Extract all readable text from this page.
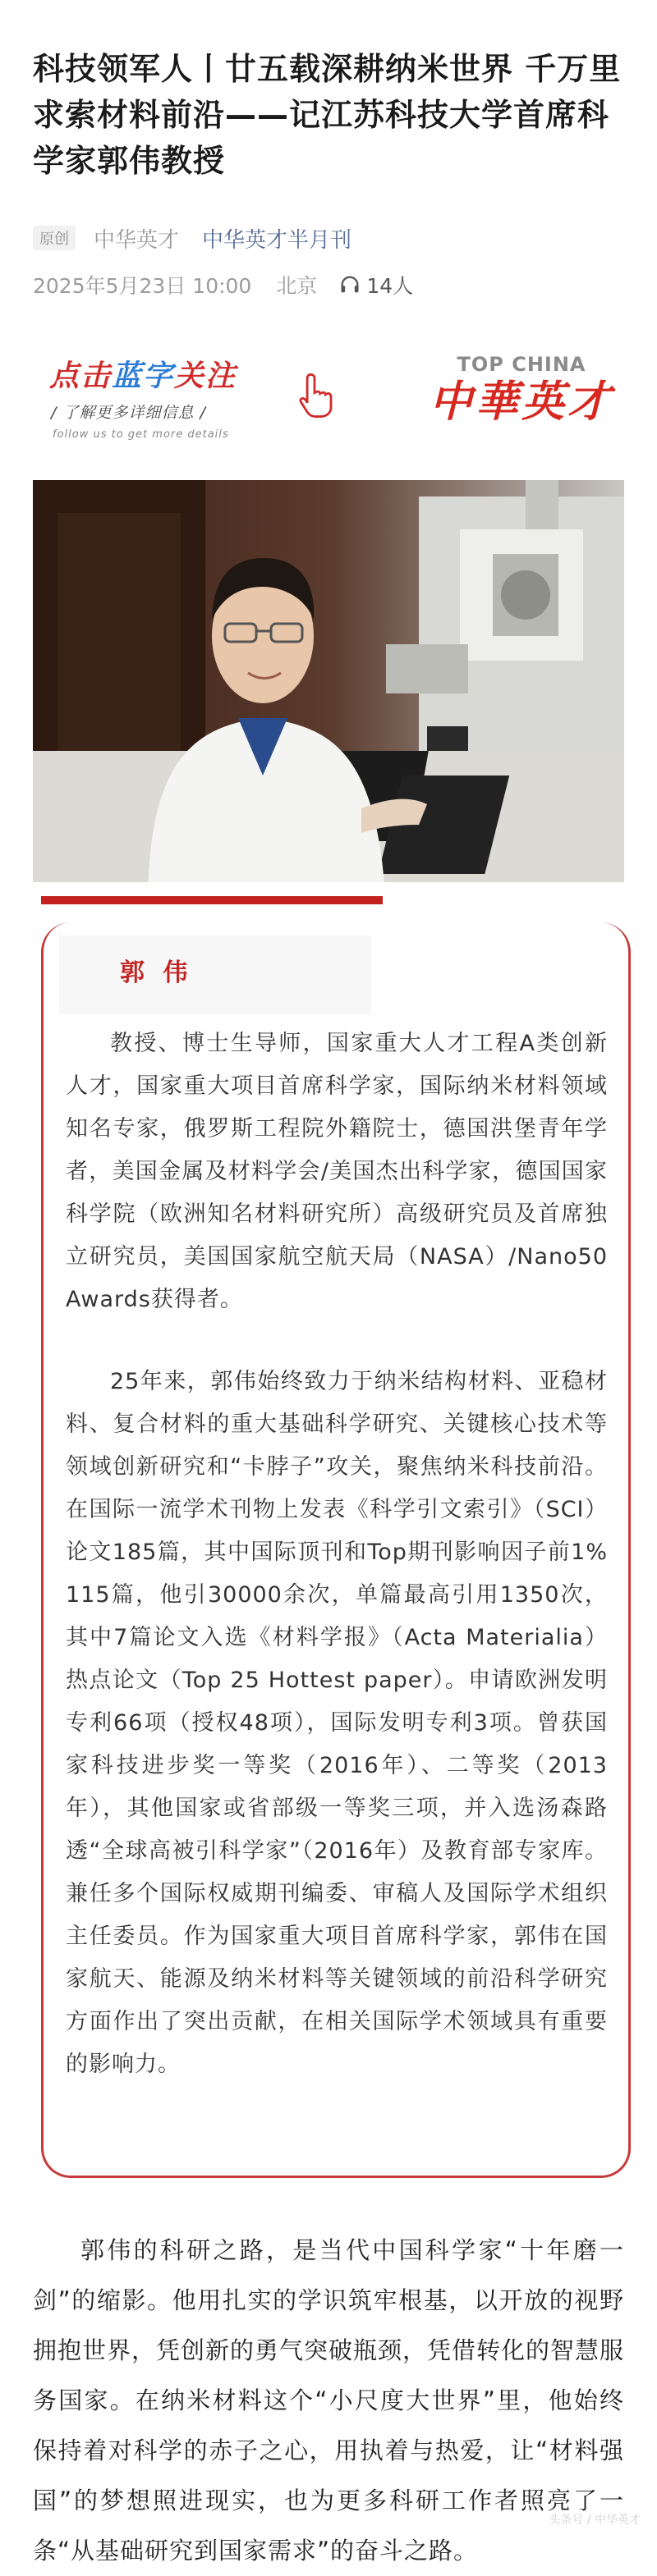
科技领军人丨廿五载深耕纳米世界 千万里求索材料前沿——记江苏科技大学首席科学家郭伟教授
原创	中华英才 中华英才半月刊
2025年5月23日 10:00 北京 14人
点击蓝字关注
/ 了解更多详细信息 /
follow us to get more details
TOP CHINA
中華英才
郭 伟

教授、博士生导师，国家重大人才工程A类创新人才，国家重大项目首席科学家，国际纳米材料领域知名专家，俄罗斯工程院外籍院士，德国洪堡青年学者，美国金属及材料学会/美国杰出科学家，德国国家科学院（欧洲知名材料研究所）高级研究员及首席独立研究员，美国国家航空航天局（NASA）/Nano50 Awards获得者。

25年来，郭伟始终致力于纳米结构材料、亚稳材料、复合材料的重大基础科学研究、关键核心技术等领域创新研究和“卡脖子”攻关，聚焦纳米科技前沿。在国际一流学术刊物上发表《科学引文索引》（SCI）论文185篇，其中国际顶刊和Top期刊影响因子前1% 115篇，他引30000余次，单篇最高引用1350次，其中7篇论文入选《材料学报》（Acta Materialia）热点论文（Top 25 Hottest paper）。申请欧洲发明专利66项（授权48项），国际发明专利3项。曾获国家科技进步奖一等奖（2016年）、二等奖（2013年），其他国家或省部级一等奖三项，并入选汤森路透“全球高被引科学家”（2016年）及教育部专家库。兼任多个国际权威期刊编委、审稿人及国际学术组织主任委员。作为国家重大项目首席科学家，郭伟在国家航天、能源及纳米材料等关键领域的前沿科学研究方面作出了突出贡献，在相关国际学术领域具有重要的影响力。

郭伟的科研之路，是当代中国科学家“十年磨一剑”的缩影。他用扎实的学识筑牢根基，以开放的视野拥抱世界，凭创新的勇气突破瓶颈，凭借转化的智慧服务国家。在纳米材料这个“小尺度大世界”里，他始终保持着对科学的赤子之心，用执着与热爱，让“材料强国”的梦想照进现实，也为更多科研工作者照亮了一条“从基础研究到国家需求”的奋斗之路。

头条号 / 中华英才
